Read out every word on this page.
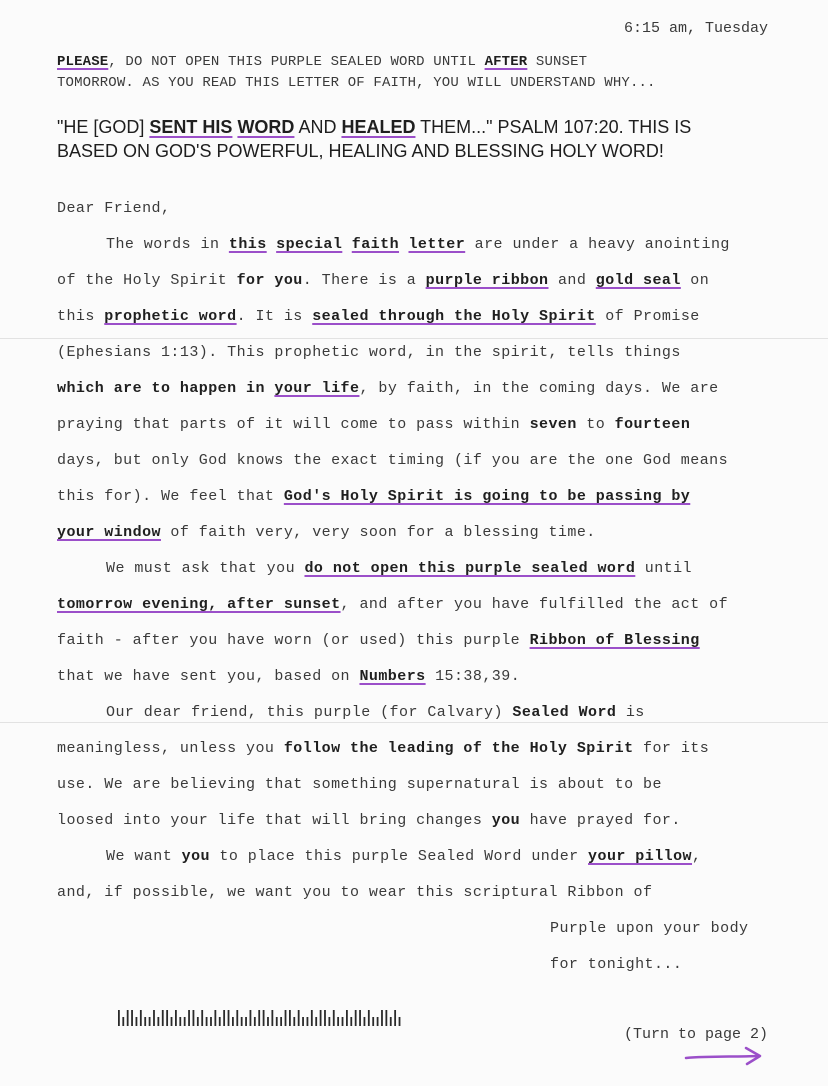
6:15 am, Tuesday
PLEASE, DO NOT OPEN THIS PURPLE SEALED WORD UNTIL AFTER SUNSET
TOMORROW. AS YOU READ THIS LETTER OF FAITH, YOU WILL UNDERSTAND WHY...
"HE [GOD] SENT HIS WORD AND HEALED THEM..." PSALM 107:20. THIS IS
BASED ON GOD'S POWERFUL, HEALING AND BLESSING HOLY WORD!
Dear Friend,
The words in this special faith letter are under a heavy anointing
of the Holy Spirit for you. There is a purple ribbon and gold seal on
this prophetic word. It is sealed through the Holy Spirit of Promise
(Ephesians 1:13). This prophetic word, in the spirit, tells things
which are to happen in your life, by faith, in the coming days. We are
praying that parts of it will come to pass within seven to fourteen
days, but only God knows the exact timing (if you are the one God means
this for). We feel that God's Holy Spirit is going to be passing by
your window of faith very, very soon for a blessing time.
We must ask that you do not open this purple sealed word until
tomorrow evening, after sunset, and after you have fulfilled the act of
faith - after you have worn (or used) this purple Ribbon of Blessing
that we have sent you, based on Numbers 15:38,39.
Our dear friend, this purple (for Calvary) Sealed Word is
meaningless, unless you follow the leading of the Holy Spirit for its
use. We are believing that something supernatural is about to be
loosed into your life that will bring changes you have prayed for.
We want you to place this purple Sealed Word under your pillow,
and, if possible, we want you to wear this scriptural Ribbon of
Purple upon your body
for tonight...
(Turn to page 2)
